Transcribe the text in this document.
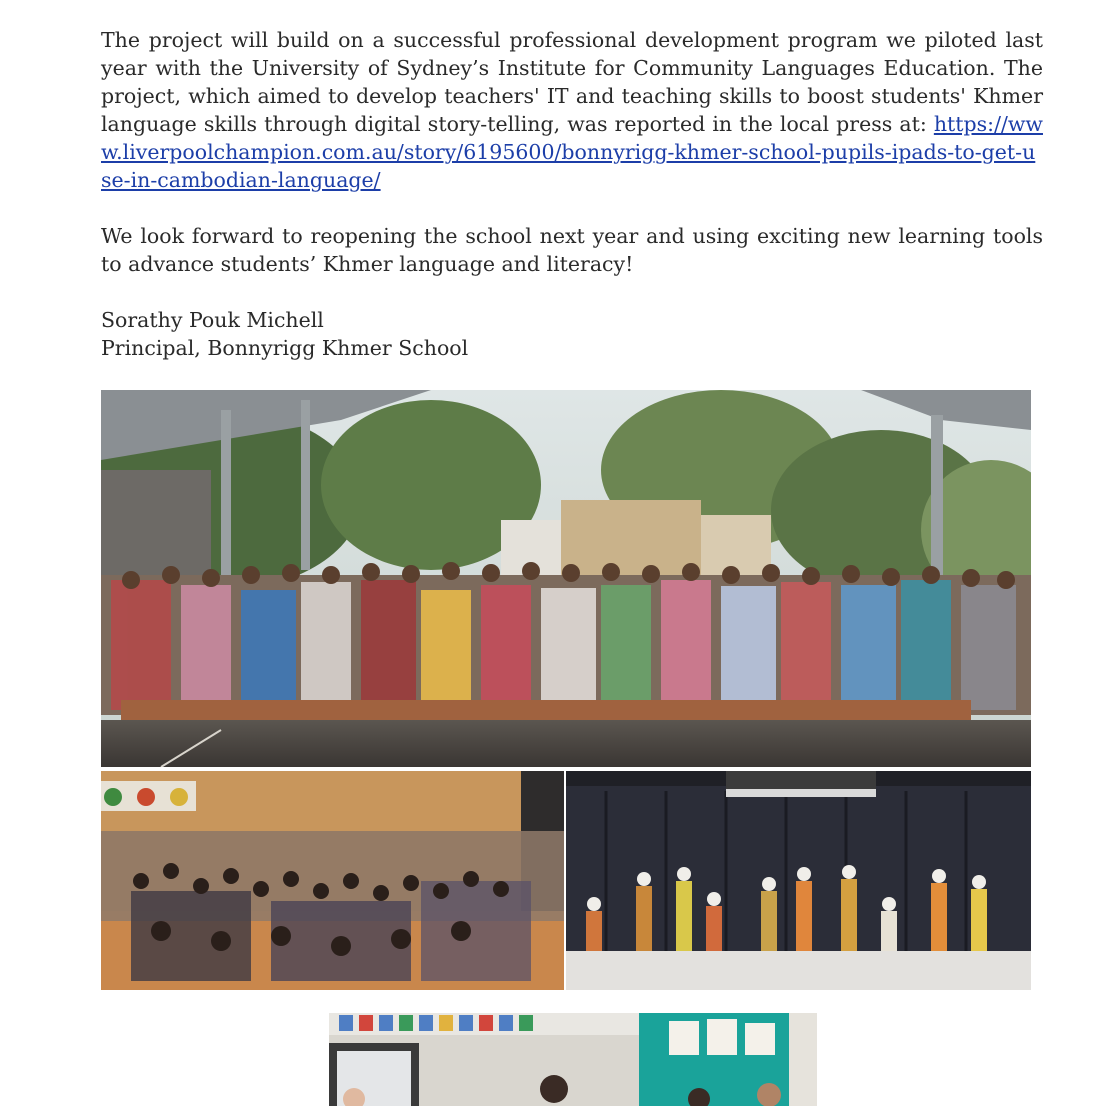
The project will build on a successful professional development program we piloted last year with the University of Sydney’s Institute for Community Languages Education. The project, which aimed to develop teachers' IT and teaching skills to boost students' Khmer language skills through digital story-telling, was reported in the local press at: https://www.liverpoolchampion.com.au/story/6195600/bonnyrigg-khmer-school-pupils-ipads-to-get-use-in-cambodian-language/

We look forward to reopening the school next year and using exciting new learning tools to advance students’ Khmer language and literacy!

Sorathy Pouk Michell

Principal, Bonnyrigg Khmer School
